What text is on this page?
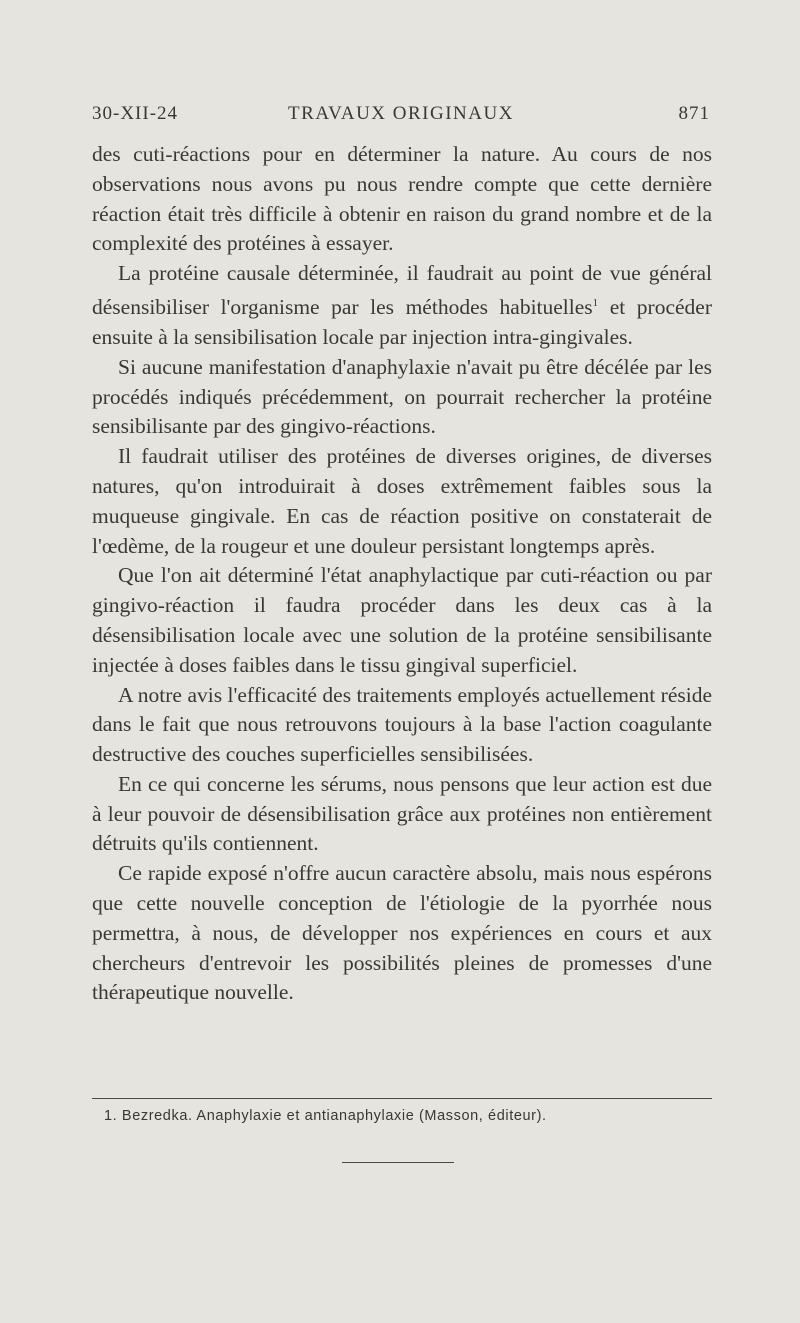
30-XII-24	TRAVAUX ORIGINAUX	871

des cuti-réactions pour en déterminer la nature. Au cours de nos observations nous avons pu nous rendre compte que cette dernière réaction était très difficile à obtenir en raison du grand nombre et de la complexité des protéines à essayer.

La protéine causale déterminée, il faudrait au point de vue général désensibiliser l'organisme par les méthodes habituelles$^1$ et procéder ensuite à la sensibilisation locale par injection intra-gingivales.

Si aucune manifestation d'anaphylaxie n'avait pu être décélée par les procédés indiqués précédemment, on pourrait rechercher la protéine sensibilisante par des gingivo-réactions.

Il faudrait utiliser des protéines de diverses origines, de diverses natures, qu'on introduirait à doses extrêmement faibles sous la muqueuse gingivale. En cas de réaction positive on constaterait de l'œdème, de la rougeur et une douleur persistant longtemps après.

Que l'on ait déterminé l'état anaphylactique par cuti-réaction ou par gingivo-réaction il faudra procéder dans les deux cas à la désensibilisation locale avec une solution de la protéine sensibilisante injectée à doses faibles dans le tissu gingival superficiel.

A notre avis l'efficacité des traitements employés actuellement réside dans le fait que nous retrouvons toujours à la base l'action coagulante destructive des couches superficielles sensibilisées.

En ce qui concerne les sérums, nous pensons que leur action est due à leur pouvoir de désensibilisation grâce aux protéines non entièrement détruits qu'ils contiennent.

Ce rapide exposé n'offre aucun caractère absolu, mais nous espérons que cette nouvelle conception de l'étiologie de la pyorrhée nous permettra, à nous, de développer nos expériences en cours et aux chercheurs d'entrevoir les possibilités pleines de promesses d'une thérapeutique nouvelle.

1. Bezredka. Anaphylaxie et antianaphylaxie (Masson, éditeur).
